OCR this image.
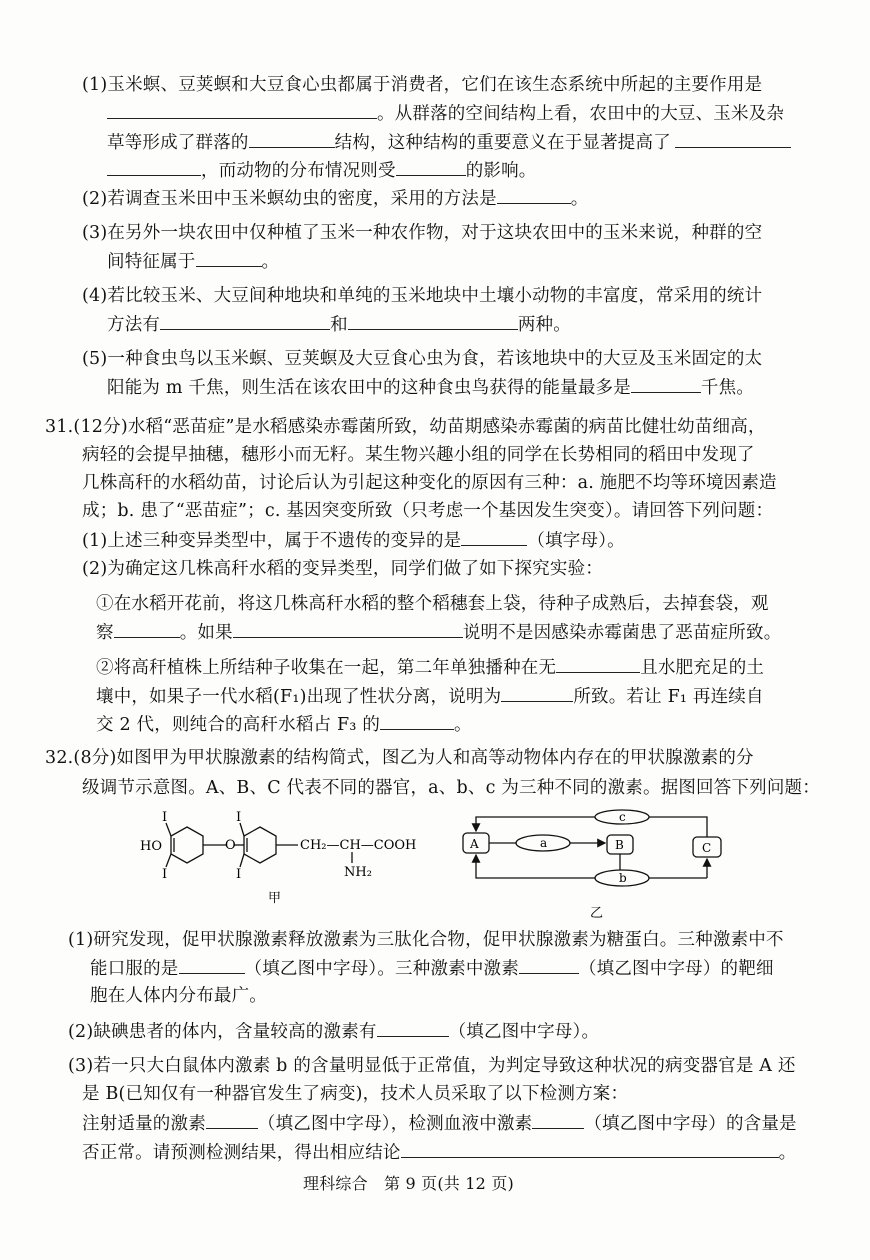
(1)玉米螟、豆荚螟和大豆食心虫都属于消费者，它们在该生态系统中所起的主要作用是
。从群落的空间结构上看，农田中的大豆、玉米及杂
草等形成了群落的	结构，这种结构的重要意义在于显著提高了
，而动物的分布情况则受	的影响。
(2)若调查玉米田中玉米螟幼虫的密度，采用的方法是	。
(3)在另外一块农田中仅种植了玉米一种农作物，对于这块农田中的玉米来说，种群的空
间特征属于	。
(4)若比较玉米、大豆间种地块和单纯的玉米地块中土壤小动物的丰富度，常采用的统计
方法有	和	两种。
(5)一种食虫鸟以玉米螟、豆荚螟及大豆食心虫为食，若该地块中的大豆及玉米固定的太
阳能为 m 千焦，则生活在该农田中的这种食虫鸟获得的能量最多是	千焦。
31.(12分)水稻“恶苗症”是水稻感染赤霉菌所致，幼苗期感染赤霉菌的病苗比健壮幼苗细高，
病轻的会提早抽穗，穗形小而无籽。某生物兴趣小组的同学在长势相同的稻田中发现了
几株高秆的水稻幼苗，讨论后认为引起这种变化的原因有三种：a. 施肥不均等环境因素造
成；b. 患了“恶苗症”；c. 基因突变所致（只考虑一个基因发生突变）。请回答下列问题：
(1)上述三种变异类型中，属于不遗传的变异的是	（填字母）。
(2)为确定这几株高秆水稻的变异类型，同学们做了如下探究实验：
①在水稻开花前，将这几株高秆水稻的整个稻穗套上袋，待种子成熟后，去掉套袋，观
察	。如果	说明不是因感染赤霉菌患了恶苗症所致。
②将高秆植株上所结种子收集在一起，第二年单独播种在无	且水肥充足的土
壤中，如果子一代水稻(F₁)出现了性状分离，说明为	所致。若让 F₁ 再连续自
交 2 代，则纯合的高秆水稻占 F₃ 的	。
32.(8分)如图甲为甲状腺激素的结构简式，图乙为人和高等动物体内存在的甲状腺激素的分
级调节示意图。A、B、C 代表不同的器官，a、b、c 为三种不同的激素。据图回答下列问题：
HO
I
I
O
I
I
CH₂—CH—COOH
NH₂
甲
A	B	C
a
c
b
乙
(1)研究发现，促甲状腺激素释放激素为三肽化合物，促甲状腺激素为糖蛋白。三种激素中不
能口服的是	（填乙图中字母）。三种激素中激素	（填乙图中字母）的靶细
胞在人体内分布最广。
(2)缺碘患者的体内，含量较高的激素有	（填乙图中字母）。
(3)若一只大白鼠体内激素 b 的含量明显低于正常值，为判定导致这种状况的病变器官是 A 还
是 B(已知仅有一种器官发生了病变)，技术人员采取了以下检测方案：
注射适量的激素	（填乙图中字母），检测血液中激素	（填乙图中字母）的含量是
否正常。请预测检测结果，得出相应结论	。
理科综合　第 9 页(共 12 页)
